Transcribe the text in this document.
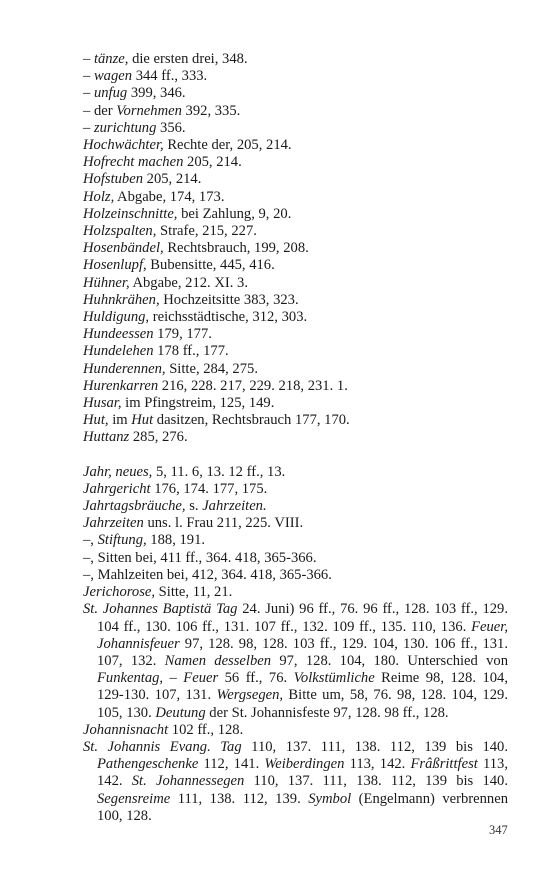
– tänze, die ersten drei, 348.
– wagen 344 ff., 333.
– unfug 399, 346.
– der Vornehmen 392, 335.
– zurichtung 356.
Hochwächter, Rechte der, 205, 214.
Hofrecht machen 205, 214.
Hofstuben 205, 214.
Holz, Abgabe, 174, 173.
Holzeinschnitte, bei Zahlung, 9, 20.
Holzspalten, Strafe, 215, 227.
Hosenbändel, Rechtsbrauch, 199, 208.
Hosenlupf, Bubensitte, 445, 416.
Hühner, Abgabe, 212. XI. 3.
Huhnkrähen, Hochzeitsitte 383, 323.
Huldigung, reichsstädtische, 312, 303.
Hundeessen 179, 177.
Hundelehen 178 ff., 177.
Hunderennen, Sitte, 284, 275.
Hurenkarren 216, 228. 217, 229. 218, 231. 1.
Husar, im Pfingstreim, 125, 149.
Hut, im Hut dasitzen, Rechtsbrauch 177, 170.
Huttanz 285, 276.
Jahr, neues, 5, 11. 6, 13. 12 ff., 13.
Jahrgericht 176, 174. 177, 175.
Jahrtagsbräuche, s. Jahrzeiten.
Jahrzeiten uns. l. Frau 211, 225. VIII.
–, Stiftung, 188, 191.
–, Sitten bei, 411 ff., 364. 418, 365-366.
–, Mahlzeiten bei, 412, 364. 418, 365-366.
Jerichorose, Sitte, 11, 21.
St. Johannes Baptistä Tag 24. Juni) 96 ff., 76. 96 ff., 128. 103 ff., 129. 104 ff., 130. 106 ff., 131. 107 ff., 132. 109 ff., 135. 110, 136. Feuer, Johannisfeuer 97, 128. 98, 128. 103 ff., 129. 104, 130. 106 ff., 131. 107, 132. Namen desselben 97, 128. 104, 180. Unterschied von Funkentag, – Feuer 56 ff., 76. Volkstümliche Reime 98, 128. 104, 129-130. 107, 131. Wergsegen, Bitte um, 58, 76. 98, 128. 104, 129. 105, 130. Deutung der St. Johannisfeste 97, 128. 98 ff., 128.
Johannisnacht 102 ff., 128.
St. Johannis Evang. Tag 110, 137. 111, 138. 112, 139 bis 140. Pathengeschenke 112, 141. Weiberdingen 113, 142. Frâßrittfest 113, 142. St. Johannessegen 110, 137. 111, 138. 112, 139 bis 140. Segensreime 111, 138. 112, 139. Symbol (Engelmann) verbrennen 100, 128.
347
